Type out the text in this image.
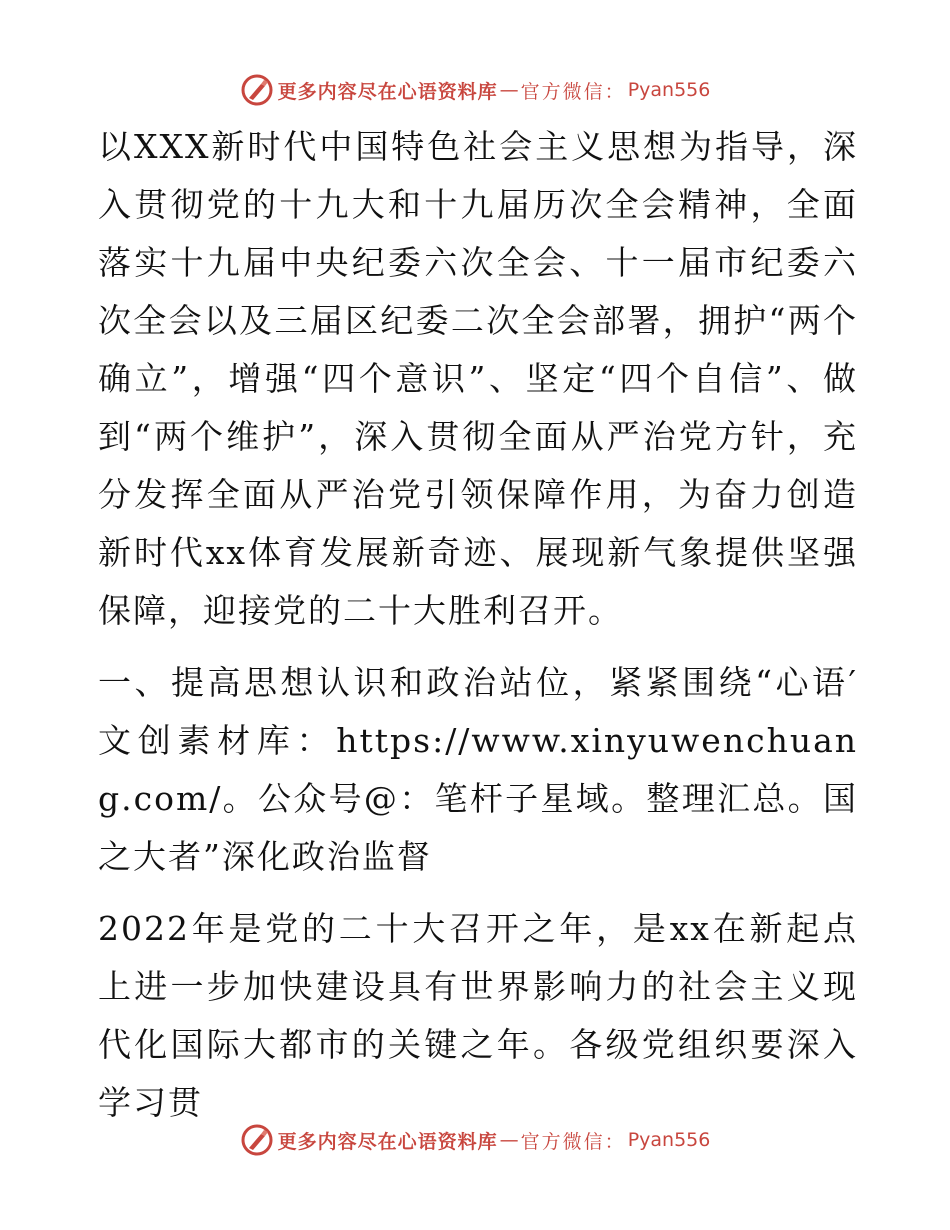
更多内容尽在心语资料库 — 官方微信： Pyan556

以XXX新时代中国特色社会主义思想为指导，深入贯彻党的十九大和十九届历次全会精神，全面落实十九届中央纪委六次全会、十一届市纪委六次全会以及三届区纪委二次全会部署，拥护“两个确立”，增强“四个意识”、坚定“四个自信”、做到“两个维护”，深入贯彻全面从严治党方针，充分发挥全面从严治党引领保障作用，为奋力创造新时代xx体育发展新奇迹、展现新气象提供坚强保障，迎接党的二十大胜利召开。

一、提高思想认识和政治站位，紧紧围绕“心语′文创素材库：https://www.xinyuwenchuang.com/。公众号@：笔杆子星域。整理汇总。国之大者”深化政治监督

2022年是党的二十大召开之年，是xx在新起点上进一步加快建设具有世界影响力的社会主义现代化国际大都市的关键之年。各级党组织要深入学习贯

更多内容尽在心语资料库 — 官方微信： Pyan556
